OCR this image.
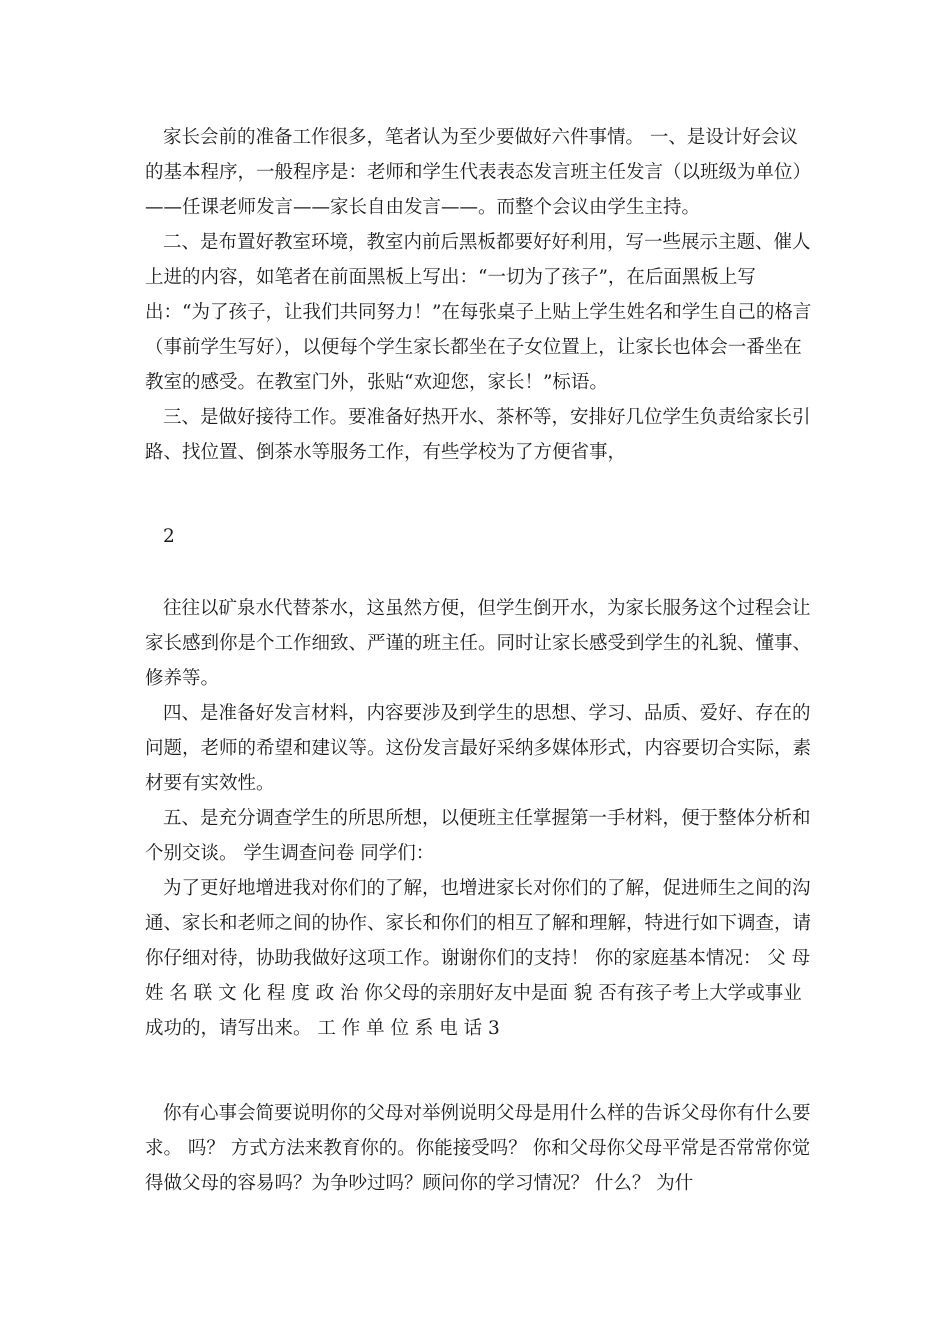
家长会前的准备工作很多，笔者认为至少要做好六件事情。 一、是设计好会议的基本程序，一般程序是：老师和学生代表表态发言班主任发言（以班级为单位）——任课老师发言——家长自由发言——。而整个会议由学生主持。

二、是布置好教室环境，教室内前后黑板都要好好利用，写一些展示主题、催人上进的内容，如笔者在前面黑板上写出：“一切为了孩子”，在后面黑板上写出：“为了孩子，让我们共同努力！”在每张桌子上贴上学生姓名和学生自己的格言（事前学生写好），以便每个学生家长都坐在子女位置上，让家长也体会一番坐在教室的感受。在教室门外，张贴“欢迎您，家长！”标语。

三、是做好接待工作。要准备好热开水、茶杯等，安排好几位学生负责给家长引路、找位置、倒茶水等服务工作，有些学校为了方便省事，

2

往往以矿泉水代替茶水，这虽然方便，但学生倒开水，为家长服务这个过程会让家长感到你是个工作细致、严谨的班主任。同时让家长感受到学生的礼貌、懂事、修养等。

四、是准备好发言材料，内容要涉及到学生的思想、学习、品质、爱好、存在的问题，老师的希望和建议等。这份发言最好采纳多媒体形式，内容要切合实际，素材要有实效性。

五、是充分调查学生的所思所想，以便班主任掌握第一手材料，便于整体分析和个别交谈。 学生调查问卷 同学们：

为了更好地增进我对你们的了解，也增进家长对你们的了解，促进师生之间的沟通、家长和老师之间的协作、家长和你们的相互了解和理解，特进行如下调查，请你仔细对待，协助我做好这项工作。谢谢你们的支持！ 你的家庭基本情况： 父 母 姓 名 联 文 化 程 度 政 治 你父母的亲朋好友中是面 貌 否有孩子考上大学或事业成功的，请写出来。 工 作 单 位 系 电 话 3

你有心事会简要说明你的父母对举例说明父母是用什么样的告诉父母你有什么要求。 吗？ 方式方法来教育你的。你能接受吗？ 你和父母你父母平常是否常常你觉得做父母的容易吗？为争吵过吗？顾问你的学习情况？ 什么？ 为什
